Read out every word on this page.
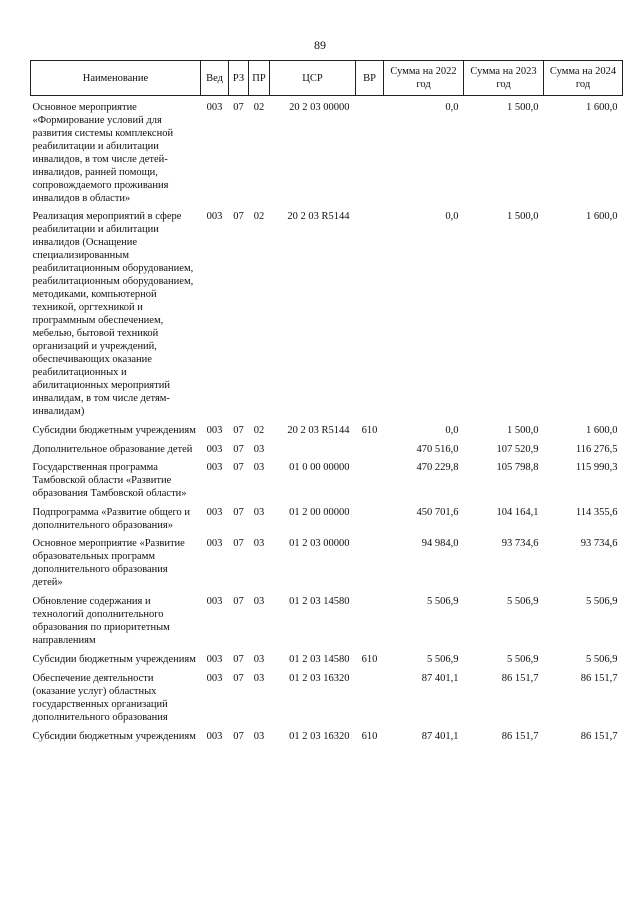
89
Наименование	Вед	РЗ	ПР	ЦСР	ВР	Сумма на 2022 год	Сумма на 2023 год	Сумма на 2024 год
Основное мероприятие «Формирование условий для развития системы комплексной реабилитации и абилитации инвалидов, в том числе детей-инвалидов, ранней помощи, сопровождаемого проживания инвалидов в области»	003	07	02	20 2 03 00000		0,0	1 500,0	1 600,0
Реализация мероприятий в сфере реабилитации и абилитации инвалидов (Оснащение специализированным реабилитационным оборудованием, реабилитационным оборудованием, методиками, компьютерной техникой, оргтехникой и программным обеспечением, мебелью, бытовой техникой организаций и учреждений, обеспечивающих оказание реабилитационных и абилитационных мероприятий инвалидам, в том числе детям-инвалидам)	003	07	02	20 2 03 R5144		0,0	1 500,0	1 600,0
Субсидии бюджетным учреждениям	003	07	02	20 2 03 R5144	610	0,0	1 500,0	1 600,0
Дополнительное образование детей	003	07	03			470 516,0	107 520,9	116 276,5
Государственная программа Тамбовской области «Развитие образования Тамбовской области»	003	07	03	01 0 00 00000		470 229,8	105 798,8	115 990,3
Подпрограмма «Развитие общего и дополнительного образования»	003	07	03	01 2 00 00000		450 701,6	104 164,1	114 355,6
Основное мероприятие «Развитие образовательных программ дополнительного образования детей»	003	07	03	01 2 03 00000		94 984,0	93 734,6	93 734,6
Обновление содержания и технологий дополнительного образования по приоритетным направлениям	003	07	03	01 2 03 14580		5 506,9	5 506,9	5 506,9
Субсидии бюджетным учреждениям	003	07	03	01 2 03 14580	610	5 506,9	5 506,9	5 506,9
Обеспечение деятельности (оказание услуг) областных государственных организаций дополнительного образования	003	07	03	01 2 03 16320		87 401,1	86 151,7	86 151,7
Субсидии бюджетным учреждениям	003	07	03	01 2 03 16320	610	87 401,1	86 151,7	86 151,7
